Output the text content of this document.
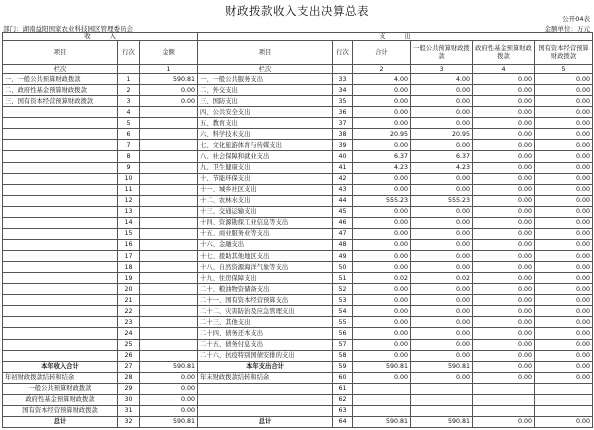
财政拨款收入支出决算总表
公开04表
部门：湖南益阳国家农业科技园区管理委员会	金额单位：万元
收　　　入			支　　　出					
项目	行次	金额	项目	行次	合计	一般公共预算财政拨款	政府性基金预算财政拨款	国有资本经营预算财政拨款
栏次		1	栏次		2	3	4	5
一、一般公共预算财政拨款	1	590.81	一、一般公共服务支出	33	4.00	4.00	0.00	0.00
二、政府性基金预算财政拨款	2	0.00	二、外交支出	34	0.00	0.00	0.00	0.00
三、国有资本经营预算财政拨款	3	0.00	三、国防支出	35	0.00	0.00	0.00	0.00
	4		四、公共安全支出	36	0.00	0.00	0.00	0.00
	5		五、教育支出	37	0.00	0.00	0.00	0.00
	6		六、科学技术支出	38	20.95	20.95	0.00	0.00
	7		七、文化旅游体育与传媒支出	39	0.00	0.00	0.00	0.00
	8		八、社会保障和就业支出	40	6.37	6.37	0.00	0.00
	9		九、卫生健康支出	41	4.23	4.23	0.00	0.00
	10		十、节能环保支出	42	0.00	0.00	0.00	0.00
	11		十一、城乡社区支出	43	0.00	0.00	0.00	0.00
	12		十二、农林水支出	44	555.23	555.23	0.00	0.00
	13		十三、交通运输支出	45	0.00	0.00	0.00	0.00
	14		十四、资源勘探工业信息等支出	46	0.00	0.00	0.00	0.00
	15		十五、商业服务业等支出	47	0.00	0.00	0.00	0.00
	16		十六、金融支出	48	0.00	0.00	0.00	0.00
	17		十七、援助其他地区支出	49	0.00	0.00	0.00	0.00
	18		十八、自然资源海洋气象等支出	50	0.00	0.00	0.00	0.00
	19		十九、住房保障支出	51	0.02	0.02	0.00	0.00
	20		二十、粮油物资储备支出	52	0.00	0.00	0.00	0.00
	21		二十一、国有资本经营预算支出	53	0.00	0.00	0.00	0.00
	22		二十二、灾害防治及应急管理支出	54	0.00	0.00	0.00	0.00
	23		二十三、其他支出	55	0.00	0.00	0.00	0.00
	24		二十四、债务还本支出	56	0.00	0.00	0.00	0.00
	25		二十五、债务付息支出	57	0.00	0.00	0.00	0.00
	26		二十六、抗疫特别国债安排的支出	58	0.00	0.00	0.00	0.00
本年收入合计	27	590.81	本年支出合计	59	590.81	590.81	0.00	0.00
年初财政拨款结转和结余	28	0.00	年末财政拨款结转和结余	60	0.00	0.00	0.00	0.00
一般公共预算财政拨款	29	0.00		61				
政府性基金预算财政拨款	30	0.00		62				
国有资本经营预算财政拨款	31	0.00		63				
总计	32	590.81	总计	64	590.81	590.81	0.00	0.00
